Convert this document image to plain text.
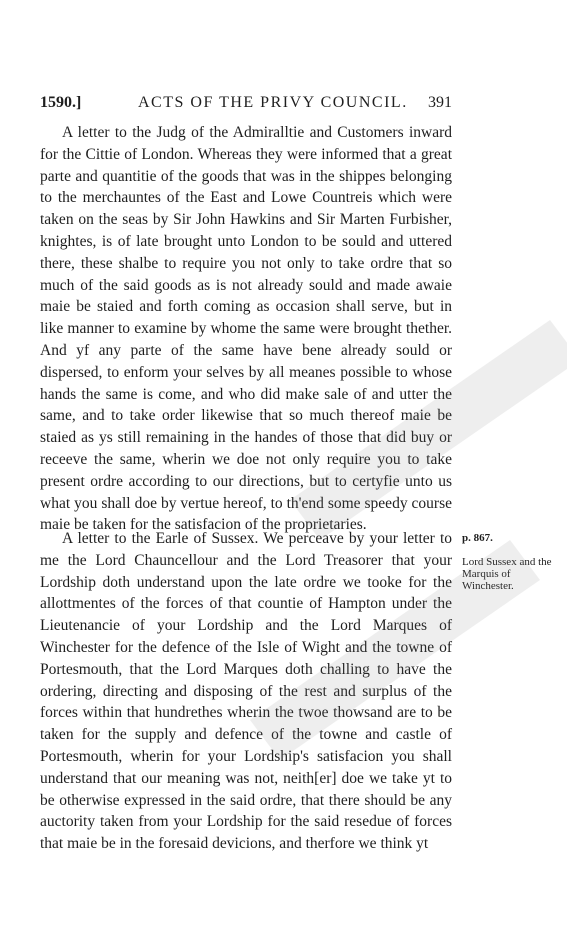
1590.]	ACTS OF THE PRIVY COUNCIL. 391

A letter to the Judg of the Admiralltie and Customers inward for the Cittie of London. Whereas they were informed that a great parte and quantitie of the goods that was in the shippes belonging to the merchauntes of the East and Lowe Countreis which were taken on the seas by Sir John Hawkins and Sir Marten Furbisher, knightes, is of late brought unto London to be sould and uttered there, these shalbe to require you not only to take ordre that so much of the said goods as is not already sould and made awaie maie be staied and forth coming as occasion shall serve, but in like manner to examine by whome the same were brought thether. And yf any parte of the same have bene already sould or dispersed, to enform your selves by all meanes possible to whose hands the same is come, and who did make sale of and utter the same, and to take order likewise that so much thereof maie be staied as ys still remaining in the handes of those that did buy or receeve the same, wherin we doe not only require you to take present ordre according to our directions, but to certyfie unto us what you shall doe by vertue hereof, to th'end some speedy course maie be taken for the satisfacion of the proprietaries.

A letter to the Earle of Sussex. We perceave by your letter to me the Lord Chauncellour and the Lord Treasorer that your Lordship doth understand upon the late ordre we tooke for the allottmentes of the forces of that countie of Hampton under the Lieutenancie of your Lordship and the Lord Marques of Winchester for the defence of the Isle of Wight and the towne of Portesmouth, that the Lord Marques doth challing to have the ordering, directing and disposing of the rest and surplus of the forces within that hundrethes wherin the twoe thowsand are to be taken for the supply and defence of the towne and castle of Portesmouth, wherin for your Lordship's satisfacion you shall understand that our meaning was not, neith[er] doe we take yt to be otherwise expressed in the said ordre, that there should be any auctority taken from your Lordship for the said resedue of forces that maie be in the foresaid devicions, and therfore we think yt

p. 867.
Lord Sussex and the Marquis of Winchester.
